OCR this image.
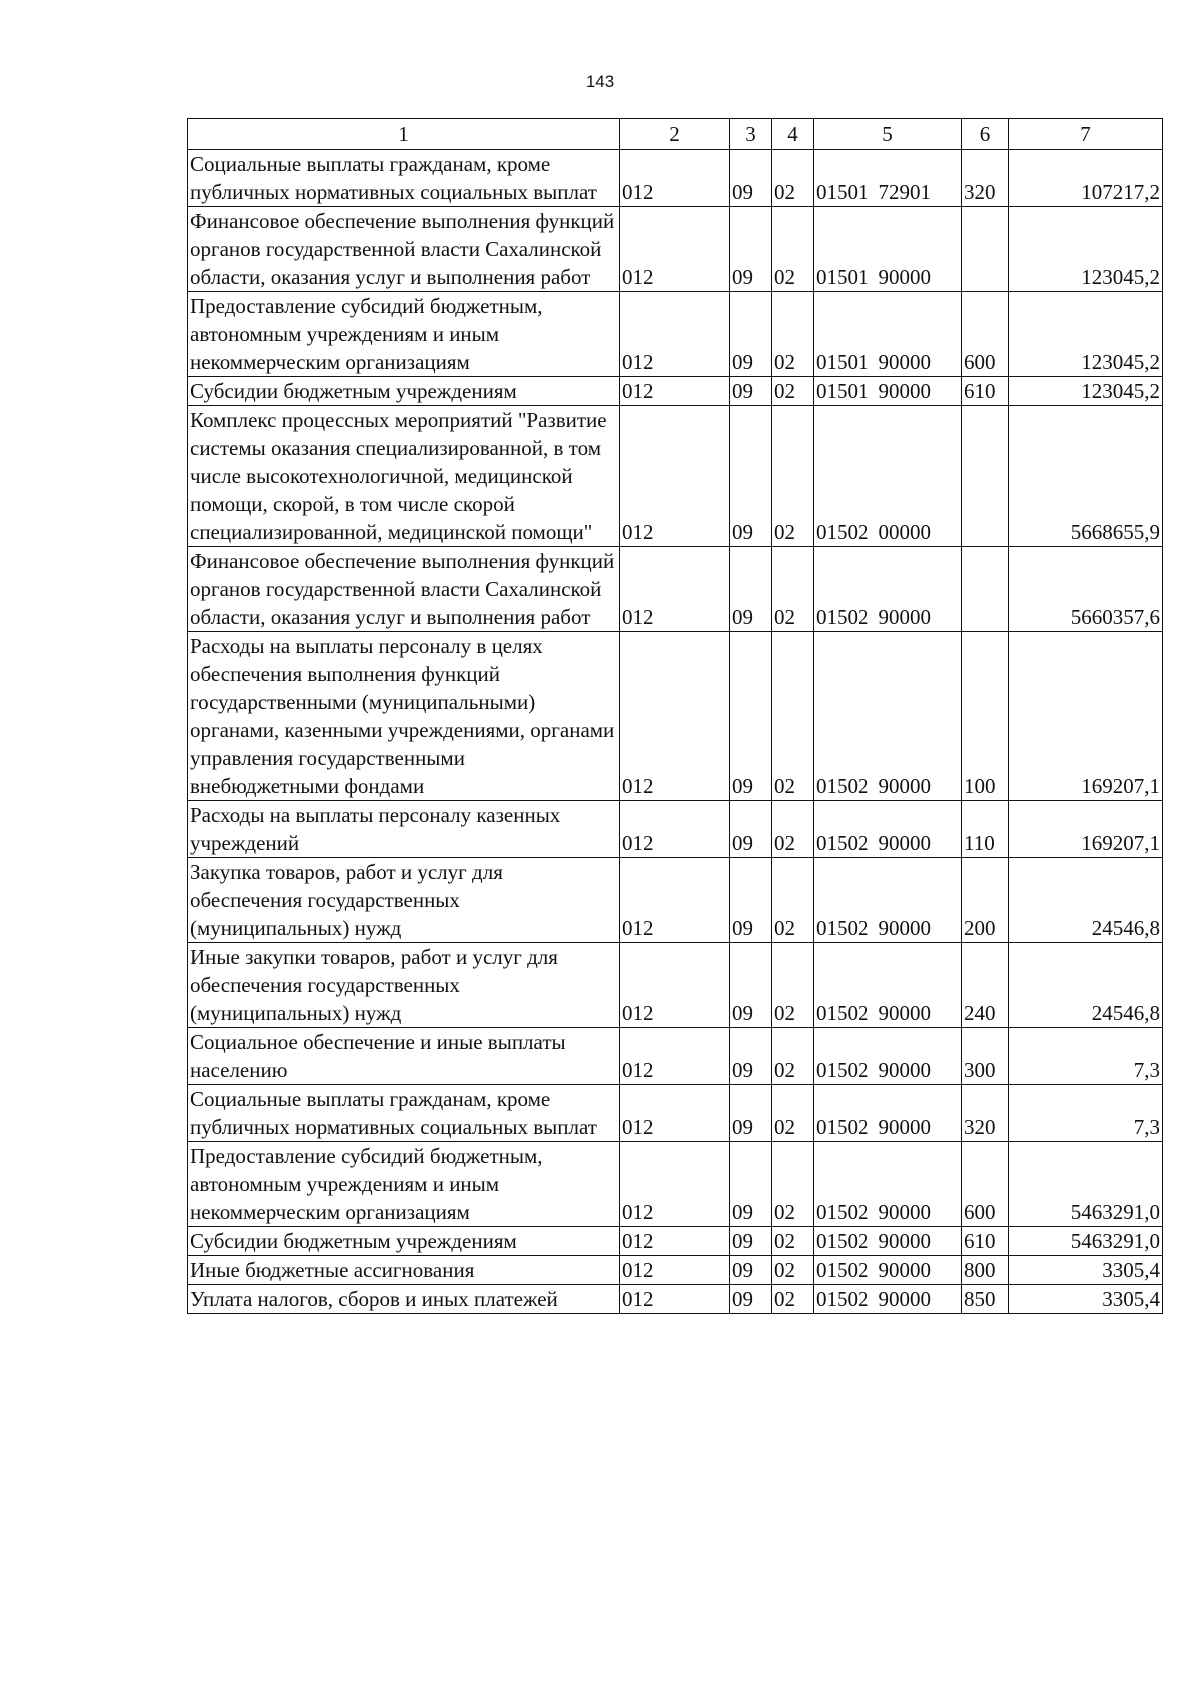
143
1	2	3	4	5	6	7
Социальные выплаты гражданам, кроме публичных нормативных социальных выплат	012	09	02	01501 72901	320	107217,2
Финансовое обеспечение выполнения функций органов государственной власти Сахалинской области, оказания услуг и выполнения работ	012	09	02	01501 90000		123045,2
Предоставление субсидий бюджетным, автономным учреждениям и иным некоммерческим организациям	012	09	02	01501 90000	600	123045,2
Субсидии бюджетным учреждениям	012	09	02	01501 90000	610	123045,2
Комплекс процессных мероприятий "Развитие системы оказания специализированной, в том числе высокотехнологичной, медицинской помощи, скорой, в том числе скорой специализированной, медицинской помощи"	012	09	02	01502 00000		5668655,9
Финансовое обеспечение выполнения функций органов государственной власти Сахалинской области, оказания услуг и выполнения работ	012	09	02	01502 90000		5660357,6
Расходы на выплаты персоналу в целях обеспечения выполнения функций государственными (муниципальными) органами, казенными учреждениями, органами управления государственными внебюджетными фондами	012	09	02	01502 90000	100	169207,1
Расходы на выплаты персоналу казенных учреждений	012	09	02	01502 90000	110	169207,1
Закупка товаров, работ и услуг для обеспечения государственных (муниципальных) нужд	012	09	02	01502 90000	200	24546,8
Иные закупки товаров, работ и услуг для обеспечения государственных (муниципальных) нужд	012	09	02	01502 90000	240	24546,8
Социальное обеспечение и иные выплаты населению	012	09	02	01502 90000	300	7,3
Социальные выплаты гражданам, кроме публичных нормативных социальных выплат	012	09	02	01502 90000	320	7,3
Предоставление субсидий бюджетным, автономным учреждениям и иным некоммерческим организациям	012	09	02	01502 90000	600	5463291,0
Субсидии бюджетным учреждениям	012	09	02	01502 90000	610	5463291,0
Иные бюджетные ассигнования	012	09	02	01502 90000	800	3305,4
Уплата налогов, сборов и иных платежей	012	09	02	01502 90000	850	3305,4
